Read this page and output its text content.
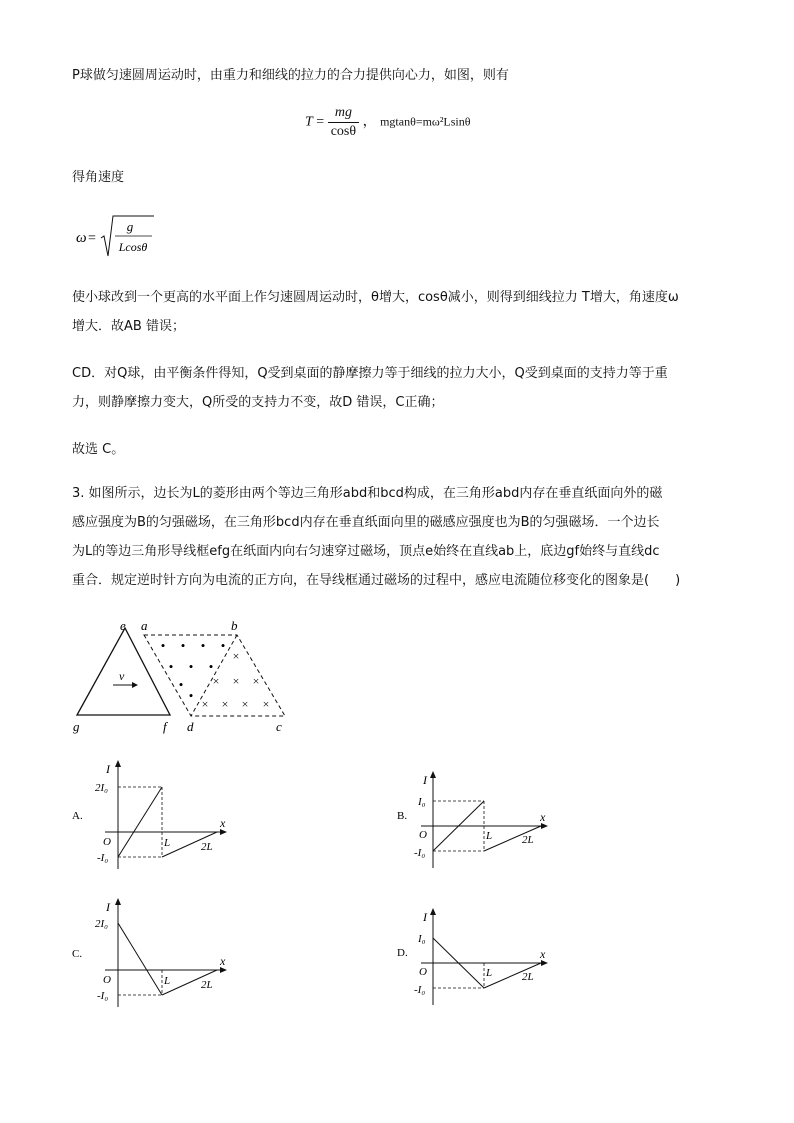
P球做匀速圆周运动时，由重力和细线的拉力的合力提供向心力，如图，则有
$T = \frac{mg}{\cos\theta}$ ， mgtanθ=mω²Lsinθ
得角速度
ω =
g
Lcosθ
使小球改到一个更高的水平面上作匀速圆周运动时，θ增大，cosθ减小，则得到细线拉力 T增大，角速度ω
增大．故AB 错误；
CD．对Q球，由平衡条件得知，Q受到桌面的静摩擦力等于细线的拉力大小，Q受到桌面的支持力等于重
力，则静摩擦力变大，Q所受的支持力不变，故D 错误，C正确；
故选 C。
3. 如图所示，边长为L的菱形由两个等边三角形abd和bcd构成，在三角形abd内存在垂直纸面向外的磁
感应强度为B的匀强磁场，在三角形bcd内存在垂直纸面向里的磁感应强度也为B的匀强磁场．一个边长
为L的等边三角形导线框efg在纸面内向右匀速穿过磁场，顶点e始终在直线ab上，底边gf始终与直线dc
重合．规定逆时针方向为电流的正方向，在导线框通过磁场的过程中，感应电流随位移变化的图象是(　　)
v
• • • •
• • •
•
•
×
× × ×
× × × ×
e a	b
g	f d	c
A.
I
x
2I₀
-I₀
O	L	2L
B.
I
x
I₀
-I₀
O	L	2L
C.
I
x
2I₀
-I₀
O	L	2L
D.
I
x
I₀
-I₀
O	L	2L
